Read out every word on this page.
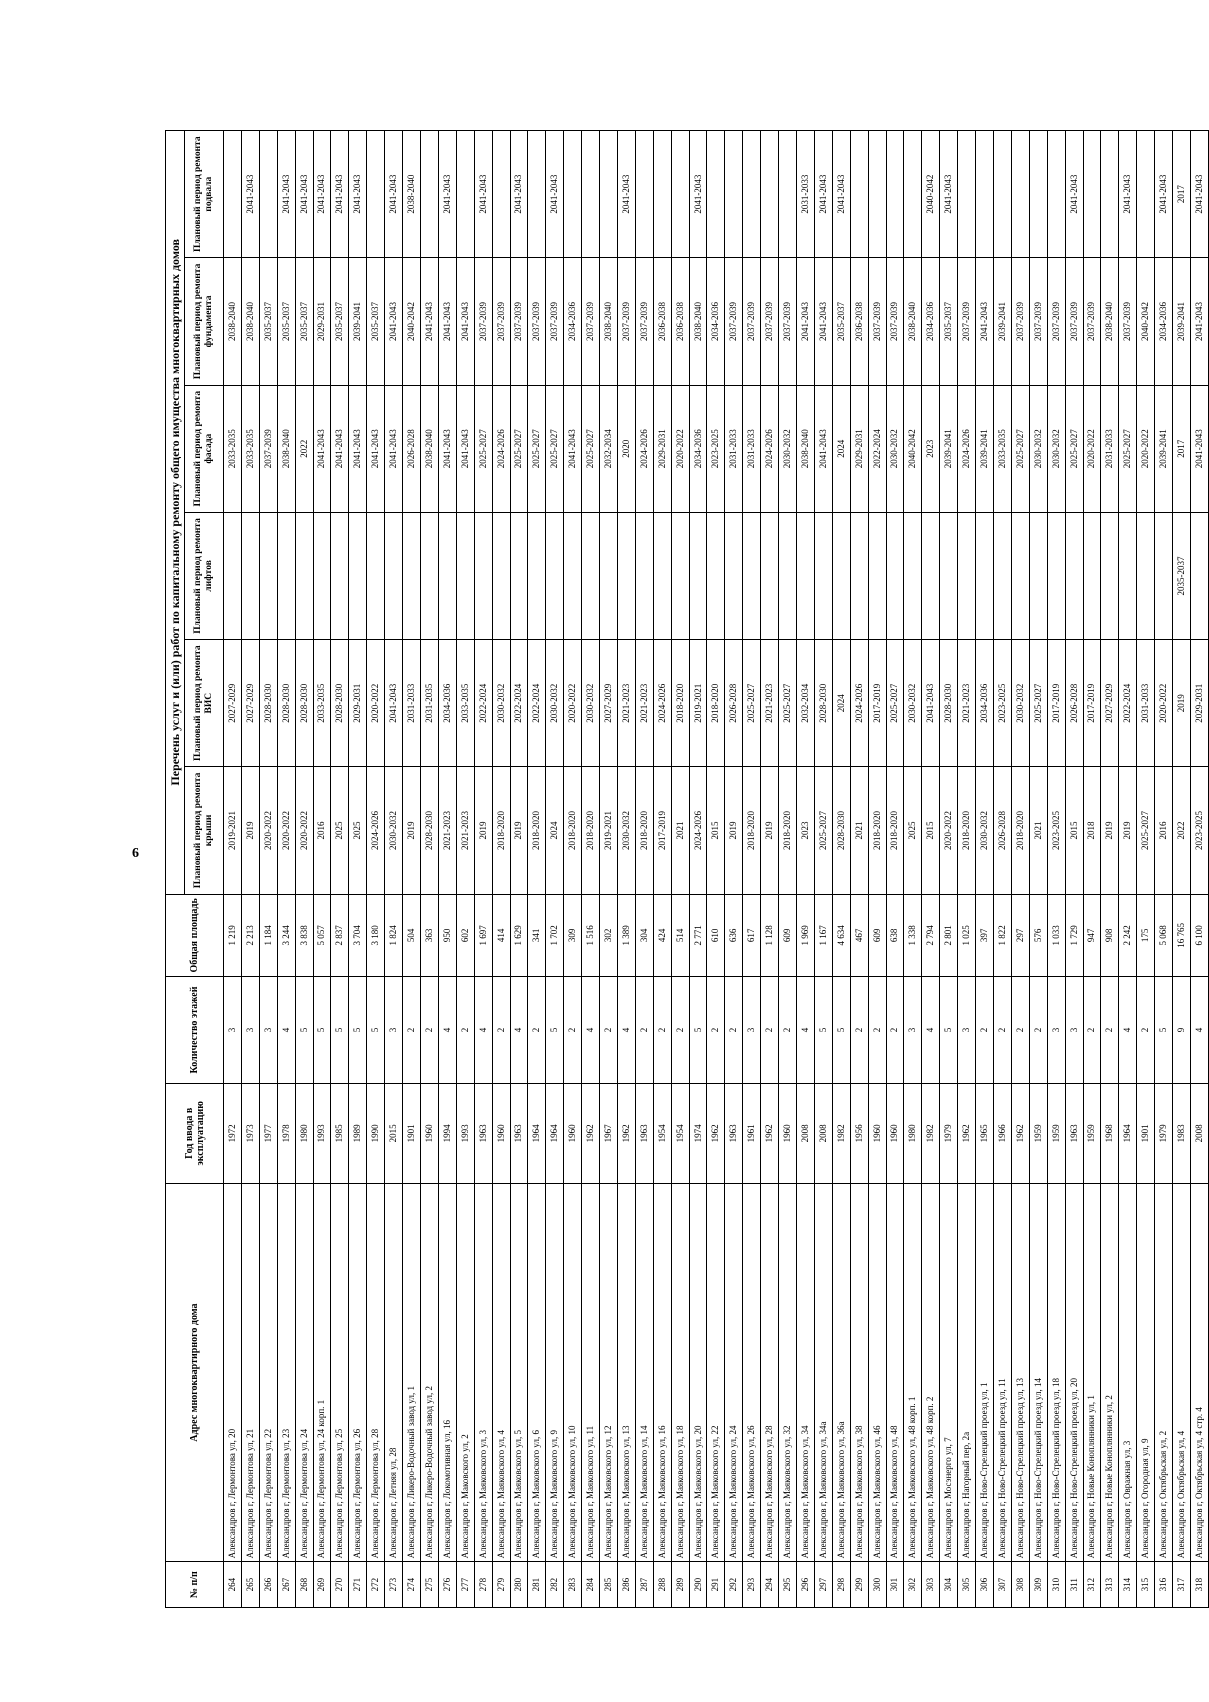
6
№ п/п	Адрес многоквартирного дома	Год ввода в эксплуатацию	Количество этажей	Общая площадь	Перечень услуг и (или) работ по капитальному ремонту общего имущества многоквартирных домов					
					Плановый период ремонта крыши	Плановый период ремонта ВИС	Плановый период ремонта лифтов	Плановый период ремонта фасада	Плановый период ремонта фундамента	Плановый период ремонта подвала
264	Александров г, Лермонтова ул, 20	1972	3	1 219	2019-2021	2027-2029		2033-2035	2038-2040	
265	Александров г, Лермонтова ул, 21	1973	3	2 213	2019	2027-2029		2033-2035	2038-2040	2041-2043
266	Александров г, Лермонтова ул, 22	1977	3	1 184	2020-2022	2028-2030		2037-2039	2035-2037	
267	Александров г, Лермонтова ул, 23	1978	4	3 244	2020-2022	2028-2030		2038-2040	2035-2037	2041-2043
268	Александров г, Лермонтова ул, 24	1980	5	3 838	2020-2022	2028-2030		2022	2035-2037	2041-2043
269	Александров г, Лермонтова ул, 24 корп. 1	1993	5	5 057	2016	2033-2035		2041-2043	2029-2031	2041-2043
270	Александров г, Лермонтова ул, 25	1985	5	2 837	2025	2028-2030		2041-2043	2035-2037	2041-2043
271	Александров г, Лермонтова ул, 26	1989	5	3 704	2025	2029-2031		2041-2043	2039-2041	2041-2043
272	Александров г, Лермонтова ул, 28	1990	5	3 180	2024-2026	2020-2022		2041-2043	2035-2037	
273	Александров г, Летняя ул, 28	2015	3	1 824	2030-2032	2041-2043		2041-2043	2041-2043	2041-2043
274	Александров г, Ликеро-Водочный завод ул, 1	1901	2	504	2019	2031-2033		2026-2028	2040-2042	2038-2040
275	Александров г, Ликеро-Водочный завод ул, 2	1960	2	363	2028-2030	2031-2035		2038-2040	2041-2043	
276	Александров г, Локомотивная ул, 16	1994	4	950	2021-2023	2034-2036		2041-2043	2041-2043	2041-2043
277	Александров г, Маковского ул, 2	1993	2	602	2021-2023	2033-2035		2041-2043	2041-2043	
278	Александров г, Маяковского ул, 3	1963	4	1 697	2019	2022-2024		2025-2027	2037-2039	2041-2043
279	Александров г, Маяковского ул, 4	1960	2	414	2018-2020	2030-2032		2024-2026	2037-2039	
280	Александров г, Маяковского ул, 5	1963	4	1 629	2019	2022-2024		2025-2027	2037-2039	2041-2043
281	Александров г, Маяковского ул, 6	1964	2	341	2018-2020	2022-2024		2025-2027	2037-2039	
282	Александров г, Маяковского ул, 9	1964	5	1 702	2024	2030-2032		2025-2027	2037-2039	2041-2043
283	Александров г, Маяковского ул, 10	1960	2	309	2018-2020	2020-2022		2041-2043	2034-2036	
284	Александров г, Маяковского ул, 11	1962	4	1 516	2018-2020	2030-2032		2025-2027	2037-2039	
285	Александров г, Маяковского ул, 12	1967	2	302	2019-2021	2027-2029		2032-2034	2038-2040	
286	Александров г, Маяковского ул, 13	1962	4	1 389	2030-2032	2021-2023		2020	2037-2039	2041-2043
287	Александров г, Маяковского ул, 14	1963	2	304	2018-2020	2021-2023		2024-2026	2037-2039	
288	Александров г, Маяковского ул, 16	1954	2	424	2017-2019	2024-2026		2029-2031	2036-2038	
289	Александров г, Маяковского ул, 18	1954	2	514	2021	2018-2020		2020-2022	2036-2038	
290	Александров г, Маяковского ул, 20	1974	5	2 771	2024-2026	2019-2021		2034-2036	2038-2040	2041-2043
291	Александров г, Маяковского ул, 22	1962	2	610	2015	2018-2020		2023-2025	2034-2036	
292	Александров г, Маяковского ул, 24	1963	2	636	2019	2026-2028		2031-2033	2037-2039	
293	Александров г, Маяковского ул, 26	1961	3	617	2018-2020	2025-2027		2031-2033	2037-2039	
294	Александров г, Маяковского ул, 28	1962	2	1 128	2019	2021-2023		2024-2026	2037-2039	
295	Александров г, Маяковского ул, 32	1960	2	609	2018-2020	2025-2027		2030-2032	2037-2039	
296	Александров г, Маяковского ул, 34	2008	4	1 969	2023	2032-2034		2038-2040	2041-2043	2031-2033
297	Александров г, Маяковского ул, 34а	2008	5	1 167	2025-2027	2028-2030		2041-2043	2041-2043	2041-2043
298	Александров г, Маяковского ул, 36а	1982	5	4 634	2028-2030	2024		2024	2035-2037	2041-2043
299	Александров г, Маяковского ул, 38	1956	2	467	2021	2024-2026		2029-2031	2036-2038	
300	Александров г, Маяковского ул, 46	1960	2	609	2018-2020	2017-2019		2022-2024	2037-2039	
301	Александров г, Маяковского ул, 48	1960	2	638	2018-2020	2025-2027		2030-2032	2037-2039	
302	Александров г, Маяковского ул, 48 корп. 1	1980	3	1 338	2025	2030-2032		2040-2042	2038-2040	
303	Александров г, Маяковского ул, 48 корп. 2	1982	4	2 794	2015	2041-2043		2023	2034-2036	2040-2042
304	Александров г, Мосэнерго ул, 7	1979	5	2 801	2020-2022	2028-2030		2039-2041	2035-2037	2041-2043
305	Александров г, Нагорный пер, 2а	1962	3	1 025	2018-2020	2021-2023		2024-2026	2037-2039	
306	Александров г, Ново-Стрелецкий проезд ул, 1	1965	2	397	2030-2032	2034-2036		2039-2041	2041-2043	
307	Александров г, Ново-Стрелецкий проезд ул, 11	1966	2	1 822	2026-2028	2023-2025		2033-2035	2039-2041	
308	Александров г, Ново-Стрелецкий проезд ул, 13	1962	2	297	2018-2020	2030-2032		2025-2027	2037-2039	
309	Александров г, Ново-Стрелецкий проезд ул, 14	1959	2	576	2021	2025-2027		2030-2032	2037-2039	
310	Александров г, Ново-Стрелецкий проезд ул, 18	1959	3	1 033	2023-2025	2017-2019		2030-2032	2037-2039	
311	Александров г, Ново-Стрелецкий проезд ул, 20	1963	3	1 729	2015	2026-2028		2025-2027	2037-2039	2041-2043
312	Александров г, Новые Коноплянники ул, 1	1959	2	947	2018	2017-2019		2020-2022	2037-2039	
313	Александров г, Новые Коноплянники ул, 2	1968	2	908	2019	2027-2029		2031-2033	2038-2040	
314	Александров г, Овражная ул, 3	1964	4	2 242	2019	2022-2024		2025-2027	2037-2039	2041-2043
315	Александров г, Огородная ул, 9	1901	2	175	2025-2027	2031-2033		2020-2022	2040-2042	
316	Александров г, Октябрьская ул, 2	1979	5	5 068	2016	2020-2022		2039-2041	2034-2036	2041-2043
317	Александров г, Октябрьская ул, 4	1983	9	16 765	2022	2019	2035-2037	2017	2039-2041	2017
318	Александров г, Октябрьская ул, 4 стр. 4	2008	4	6 100	2023-2025	2029-2031		2041-2043	2041-2043	2041-2043
